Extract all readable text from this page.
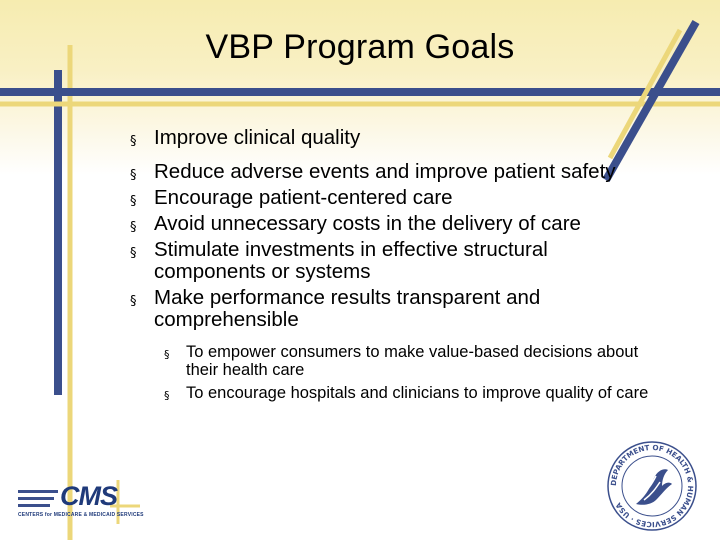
VBP Program Goals
§ Improve clinical quality
§ Reduce adverse events and improve patient safety
§ Encourage patient-centered care
§ Avoid unnecessary costs in the delivery of care
§ Stimulate investments in effective structural components or systems
§ Make performance results transparent and comprehensible
§ To empower consumers to make value-based decisions about their health care
§ To encourage hospitals and clinicians to improve quality of care
CMS
CENTERS for MEDICARE & MEDICAID SERVICES
DEPARTMENT OF HEALTH & HUMAN SERVICES · USA
